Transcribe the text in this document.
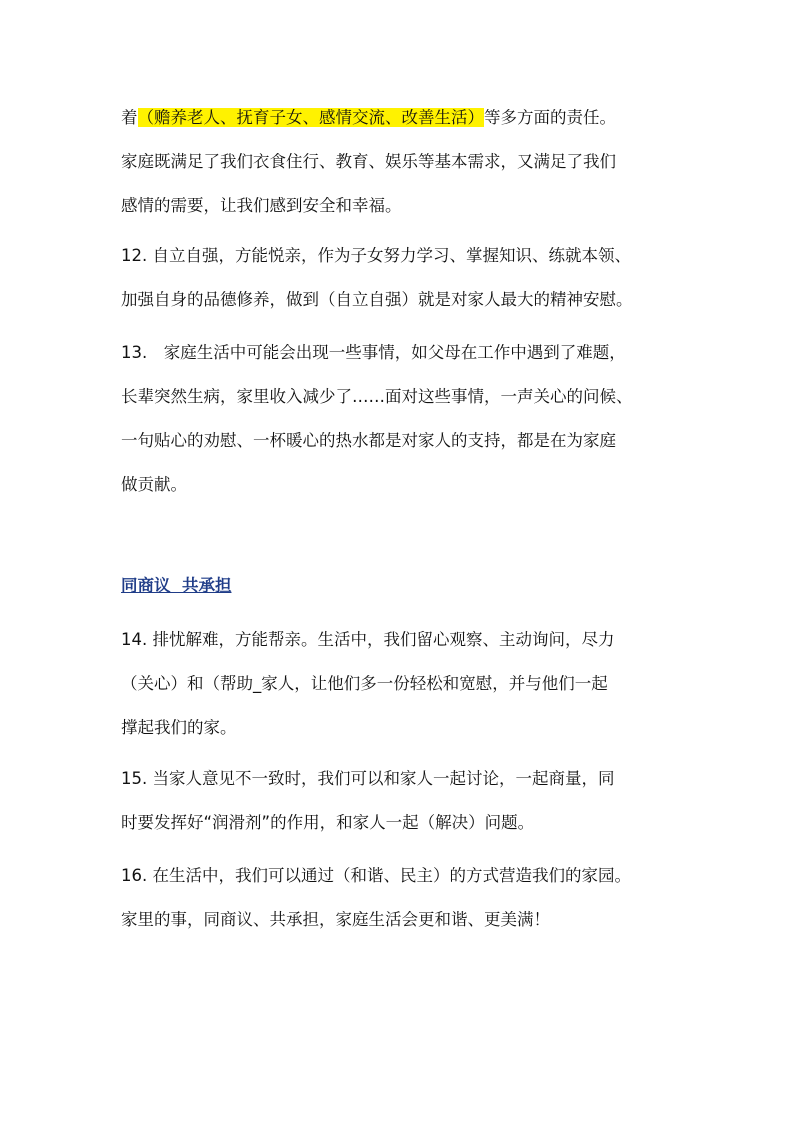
着（赡养老人、抚育子女、感情交流、改善生活）等多方面的责任。
家庭既满足了我们衣食住行、教育、娱乐等基本需求，又满足了我们
感情的需要，让我们感到安全和幸福。

12. 自立自强，方能悦亲，作为子女努力学习、掌握知识、练就本领、
加强自身的品德修养，做到（自立自强）就是对家人最大的精神安慰。

13.　家庭生活中可能会出现一些事情，如父母在工作中遇到了难题，
长辈突然生病，家里收入减少了……面对这些事情，一声关心的问候、
一句贴心的劝慰、一杯暖心的热水都是对家人的支持，都是在为家庭
做贡献。

同商议  共承担

14. 排忧解难，方能帮亲。生活中，我们留心观察、主动询问，尽力
（关心）和（帮助_家人，让他们多一份轻松和宽慰，并与他们一起
撑起我们的家。

15. 当家人意见不一致时，我们可以和家人一起讨论，一起商量，同
时要发挥好“润滑剂”的作用，和家人一起（解决）问题。

16. 在生活中，我们可以通过（和谐、民主）的方式营造我们的家园。
家里的事，同商议、共承担，家庭生活会更和谐、更美满！
